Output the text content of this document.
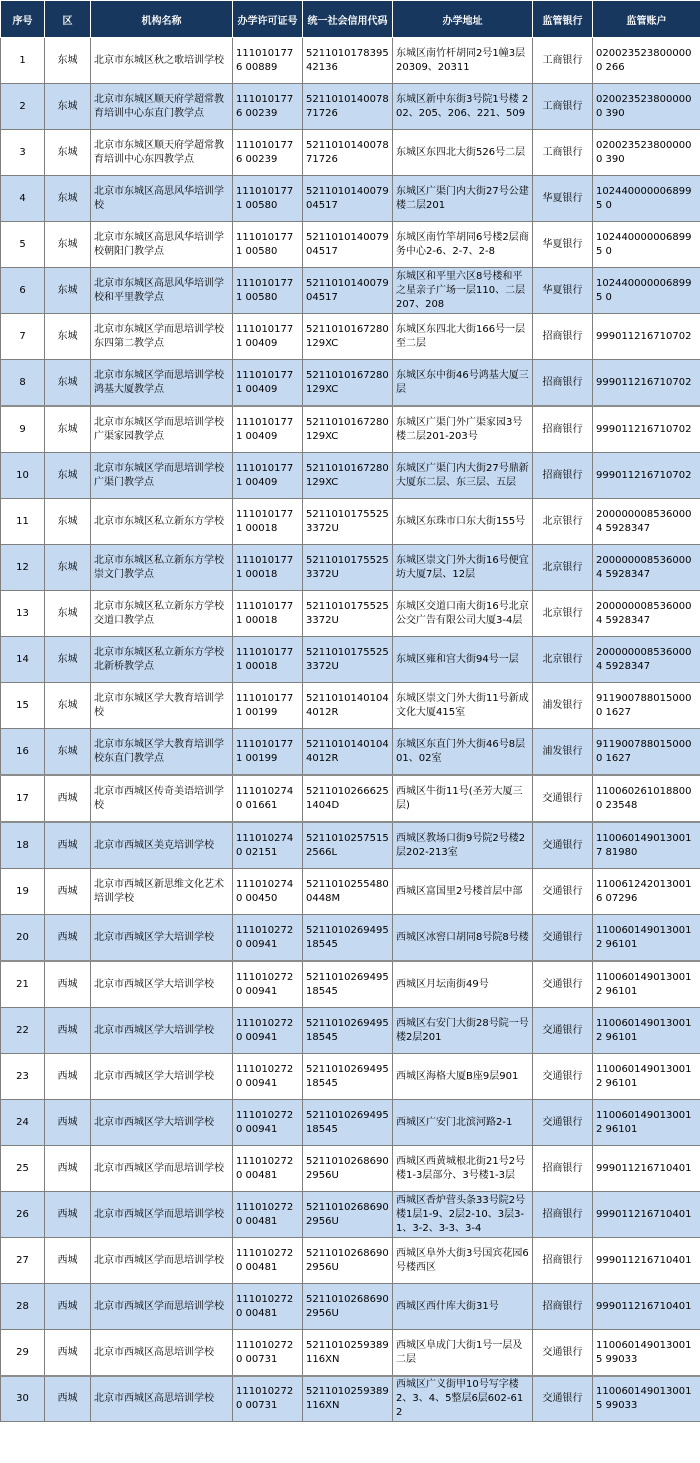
序号	区	机构名称	办学许可证号	统一社会信用代码	办学地址	监管银行	监管账户
1	东城	北京市东城区秋之歌培训学校	1110101776 00889	5211010178395 42136	东城区南竹杆胡同2号1幢3层 20309、20311	工商银行	0200235238000000 266
2	东城	北京市东城区顺天府学超常教育培训中心东直门教学点	1110101776 00239	5211010140078 71726	东城区新中东街3号院1号楼 202、205、206、221、509	工商银行	0200235238000000 390
3	东城	北京市东城区顺天府学超常教育培训中心东四教学点	1110101776 00239	5211010140078 71726	东城区东四北大街526号二层	工商银行	0200235238000000 390
4	东城	北京市东城区高思风华培训学校	1110101771 00580	5211010140079 04517	东城区广渠门内大街27号公建楼二层201	华夏银行	1024400000068995 0
5	东城	北京市东城区高思风华培训学校朝阳门教学点	1110101771 00580	5211010140079 04517	东城区南竹竿胡同6号楼2层商务中心2-6、2-7、2-8	华夏银行	1024400000068995 0
6	东城	北京市东城区高思风华培训学校和平里教学点	1110101771 00580	5211010140079 04517	东城区和平里六区8号楼和平之星亲子广场一层110、二层207、208	华夏银行	1024400000068995 0
7	东城	北京市东城区学而思培训学校东四第二教学点	1110101771 00409	5211010167280 129XC	东城区东四北大街166号一层至二层	招商银行	999011216710702
8	东城	北京市东城区学而思培训学校鸿基大厦教学点	1110101771 00409	5211010167280 129XC	东城区东中街46号鸿基大厦三层	招商银行	999011216710702
9	东城	北京市东城区学而思培训学校广渠家园教学点	1110101771 00409	5211010167280 129XC	东城区广渠门外广渠家园3号楼二层201-203号	招商银行	999011216710702
10	东城	北京市东城区学而思培训学校广渠门教学点	1110101771 00409	5211010167280 129XC	东城区广渠门内大街27号鼎新大厦东二层、东三层、五层	招商银行	999011216710702
11	东城	北京市东城区私立新东方学校	1110101771 00018	5211010175525 3372U	东城区东珠市口东大街155号	北京银行	2000000085360004 5928347
12	东城	北京市东城区私立新东方学校崇文门教学点	1110101771 00018	5211010175525 3372U	东城区崇文门外大街16号便宜坊大厦7层、12层	北京银行	2000000085360004 5928347
13	东城	北京市东城区私立新东方学校交道口教学点	1110101771 00018	5211010175525 3372U	东城区交道口南大街16号北京公交广告有限公司大厦3-4层	北京银行	2000000085360004 5928347
14	东城	北京市东城区私立新东方学校北新桥教学点	1110101771 00018	5211010175525 3372U	东城区雍和宫大街94号一层	北京银行	2000000085360004 5928347
15	东城	北京市东城区学大教育培训学校	1110101771 00199	5211010140104 4012R	东城区崇文门外大街11号新成文化大厦415室	浦发银行	9119007880150000 1627
16	东城	北京市东城区学大教育培训学校东直门教学点	1110101771 00199	5211010140104 4012R	东城区东直门外大街46号8层01、02室	浦发银行	9119007880150000 1627
17	西城	北京市西城区传奇美语培训学校	1110102740 01661	5211010266625 1404D	西城区牛街11号(圣芳大厦三层)	交通银行	1100602610188000 23548
18	西城	北京市西城区美克培训学校	1110102740 02151	5211010257515 2566L	西城区教场口街9号院2号楼2层202-213室	交通银行	1100601490130017 81980
19	西城	北京市西城区新思维文化艺术培训学校	1110102740 00450	5211010255480 0448M	西城区富国里2号楼首层中部	交通银行	1100612420130016 07296
20	西城	北京市西城区学大培训学校	1110102720 00941	5211010269495 18545	西城区冰窖口胡同8号院8号楼	交通银行	1100601490130012 96101
21	西城	北京市西城区学大培训学校	1110102720 00941	5211010269495 18545	西城区月坛南街49号	交通银行	1100601490130012 96101
22	西城	北京市西城区学大培训学校	1110102720 00941	5211010269495 18545	西城区右安门大街28号院一号楼2层201	交通银行	1100601490130012 96101
23	西城	北京市西城区学大培训学校	1110102720 00941	5211010269495 18545	西城区海格大厦B座9层901	交通银行	1100601490130012 96101
24	西城	北京市西城区学大培训学校	1110102720 00941	5211010269495 18545	西城区广安门北滨河路2-1	交通银行	1100601490130012 96101
25	西城	北京市西城区学而思培训学校	1110102720 00481	5211010268690 2956U	西城区西黄城根北街21号2号楼1-3层部分、3号楼1-3层	招商银行	999011216710401
26	西城	北京市西城区学而思培训学校	1110102720 00481	5211010268690 2956U	西城区香炉营头条33号院2号楼1层1-9、2层2-10、3层3-1、3-2、3-3、3-4	招商银行	999011216710401
27	西城	北京市西城区学而思培训学校	1110102720 00481	5211010268690 2956U	西城区阜外大街3号国宾花园6号楼西区	招商银行	999011216710401
28	西城	北京市西城区学而思培训学校	1110102720 00481	5211010268690 2956U	西城区西什库大街31号	招商银行	999011216710401
29	西城	北京市西城区高思培训学校	1110102720 00731	5211010259389 116XN	西城区阜成门大街1号一层及二层	交通银行	1100601490130015 99033
30	西城	北京市西城区高思培训学校	1110102720 00731	5211010259389 116XN	西城区广义街甲10号写字楼2、3、4、5整层6层602-612	交通银行	1100601490130015 99033
